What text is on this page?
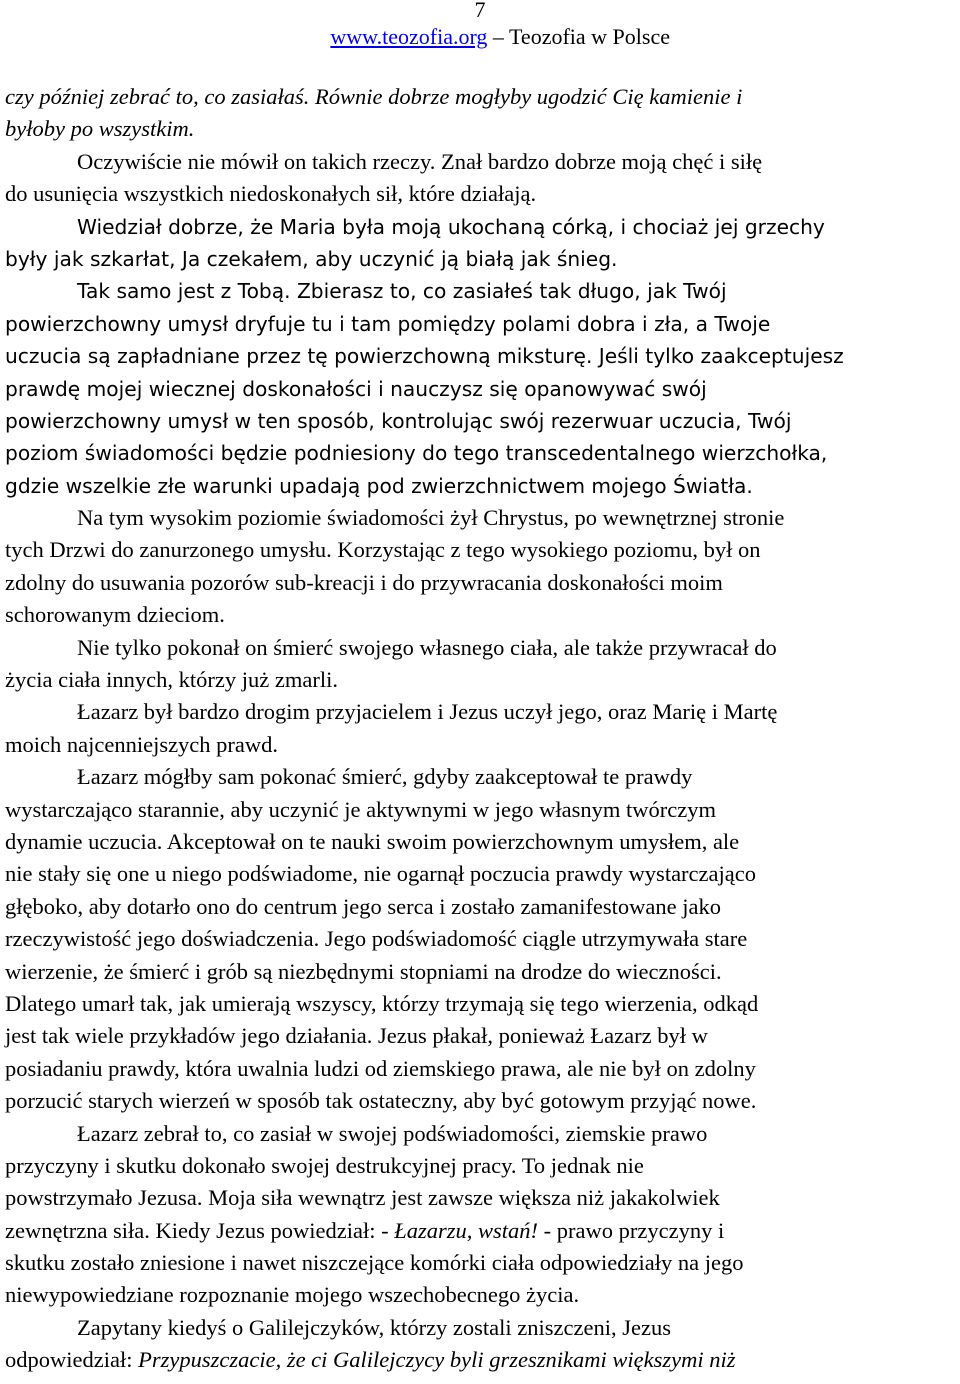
7
www.teozofia.org – Teozofia w Polsce
czy później zebrać to, co zasiałaś. Równie dobrze mogłyby ugodzić Cię kamienie i
byłoby po wszystkim.
Oczywiście nie mówił on takich rzeczy. Znał bardzo dobrze moją chęć i siłę
do usunięcia wszystkich niedoskonałych sił, które działają.
Wiedział dobrze, że Maria była moją ukochaną córką, i chociaż jej grzechy
były jak szkarłat, Ja czekałem, aby uczynić ją białą jak śnieg.
Tak samo jest z Tobą. Zbierasz to, co zasiałeś tak długo, jak Twój
powierzchowny umysł dryfuje tu i tam pomiędzy polami dobra i zła, a Twoje
uczucia są zapładniane przez tę powierzchowną miksturę. Jeśli tylko zaakceptujesz
prawdę mojej wiecznej doskonałości i nauczysz się opanowywać swój
powierzchowny umysł w ten sposób, kontrolując swój rezerwuar uczucia, Twój
poziom świadomości będzie podniesiony do tego transcedentalnego wierzchołka,
gdzie wszelkie złe warunki upadają pod zwierzchnictwem mojego Światła.
Na tym wysokim poziomie świadomości żył Chrystus, po wewnętrznej stronie
tych Drzwi do zanurzonego umysłu. Korzystając z tego wysokiego poziomu, był on
zdolny do usuwania pozorów sub-kreacji i do przywracania doskonałości moim
schorowanym dzieciom.
Nie tylko pokonał on śmierć swojego własnego ciała, ale także przywracał do
życia ciała innych, którzy już zmarli.
Łazarz był bardzo drogim przyjacielem i Jezus uczył jego, oraz Marię i Martę
moich najcenniejszych prawd.
Łazarz mógłby sam pokonać śmierć, gdyby zaakceptował te prawdy
wystarczająco starannie, aby uczynić je aktywnymi w jego własnym twórczym
dynamie uczucia. Akceptował on te nauki swoim powierzchownym umysłem, ale
nie stały się one u niego podświadome, nie ogarnął poczucia prawdy wystarczająco
głęboko, aby dotarło ono do centrum jego serca i zostało zamanifestowane jako
rzeczywistość jego doświadczenia. Jego podświadomość ciągle utrzymywała stare
wierzenie, że śmierć i grób są niezbędnymi stopniami na drodze do wieczności.
Dlatego umarł tak, jak umierają wszyscy, którzy trzymają się tego wierzenia, odkąd
jest tak wiele przykładów jego działania. Jezus płakał, ponieważ Łazarz był w
posiadaniu prawdy, która uwalnia ludzi od ziemskiego prawa, ale nie był on zdolny
porzucić starych wierzeń w sposób tak ostateczny, aby być gotowym przyjąć nowe.
Łazarz zebrał to, co zasiał w swojej podświadomości, ziemskie prawo
przyczyny i skutku dokonało swojej destrukcyjnej pracy. To jednak nie
powstrzymało Jezusa. Moja siła wewnątrz jest zawsze większa niż jakakolwiek
zewnętrzna siła. Kiedy Jezus powiedział: - Łazarzu, wstań! - prawo przyczyny i
skutku zostało zniesione i nawet niszczejące komórki ciała odpowiedziały na jego
niewypowiedziane rozpoznanie mojego wszechobecnego życia.
Zapytany kiedyś o Galilejczyków, którzy zostali zniszczeni, Jezus
odpowiedział: Przypuszczacie, że ci Galilejczycy byli grzesznikami większymi niż
